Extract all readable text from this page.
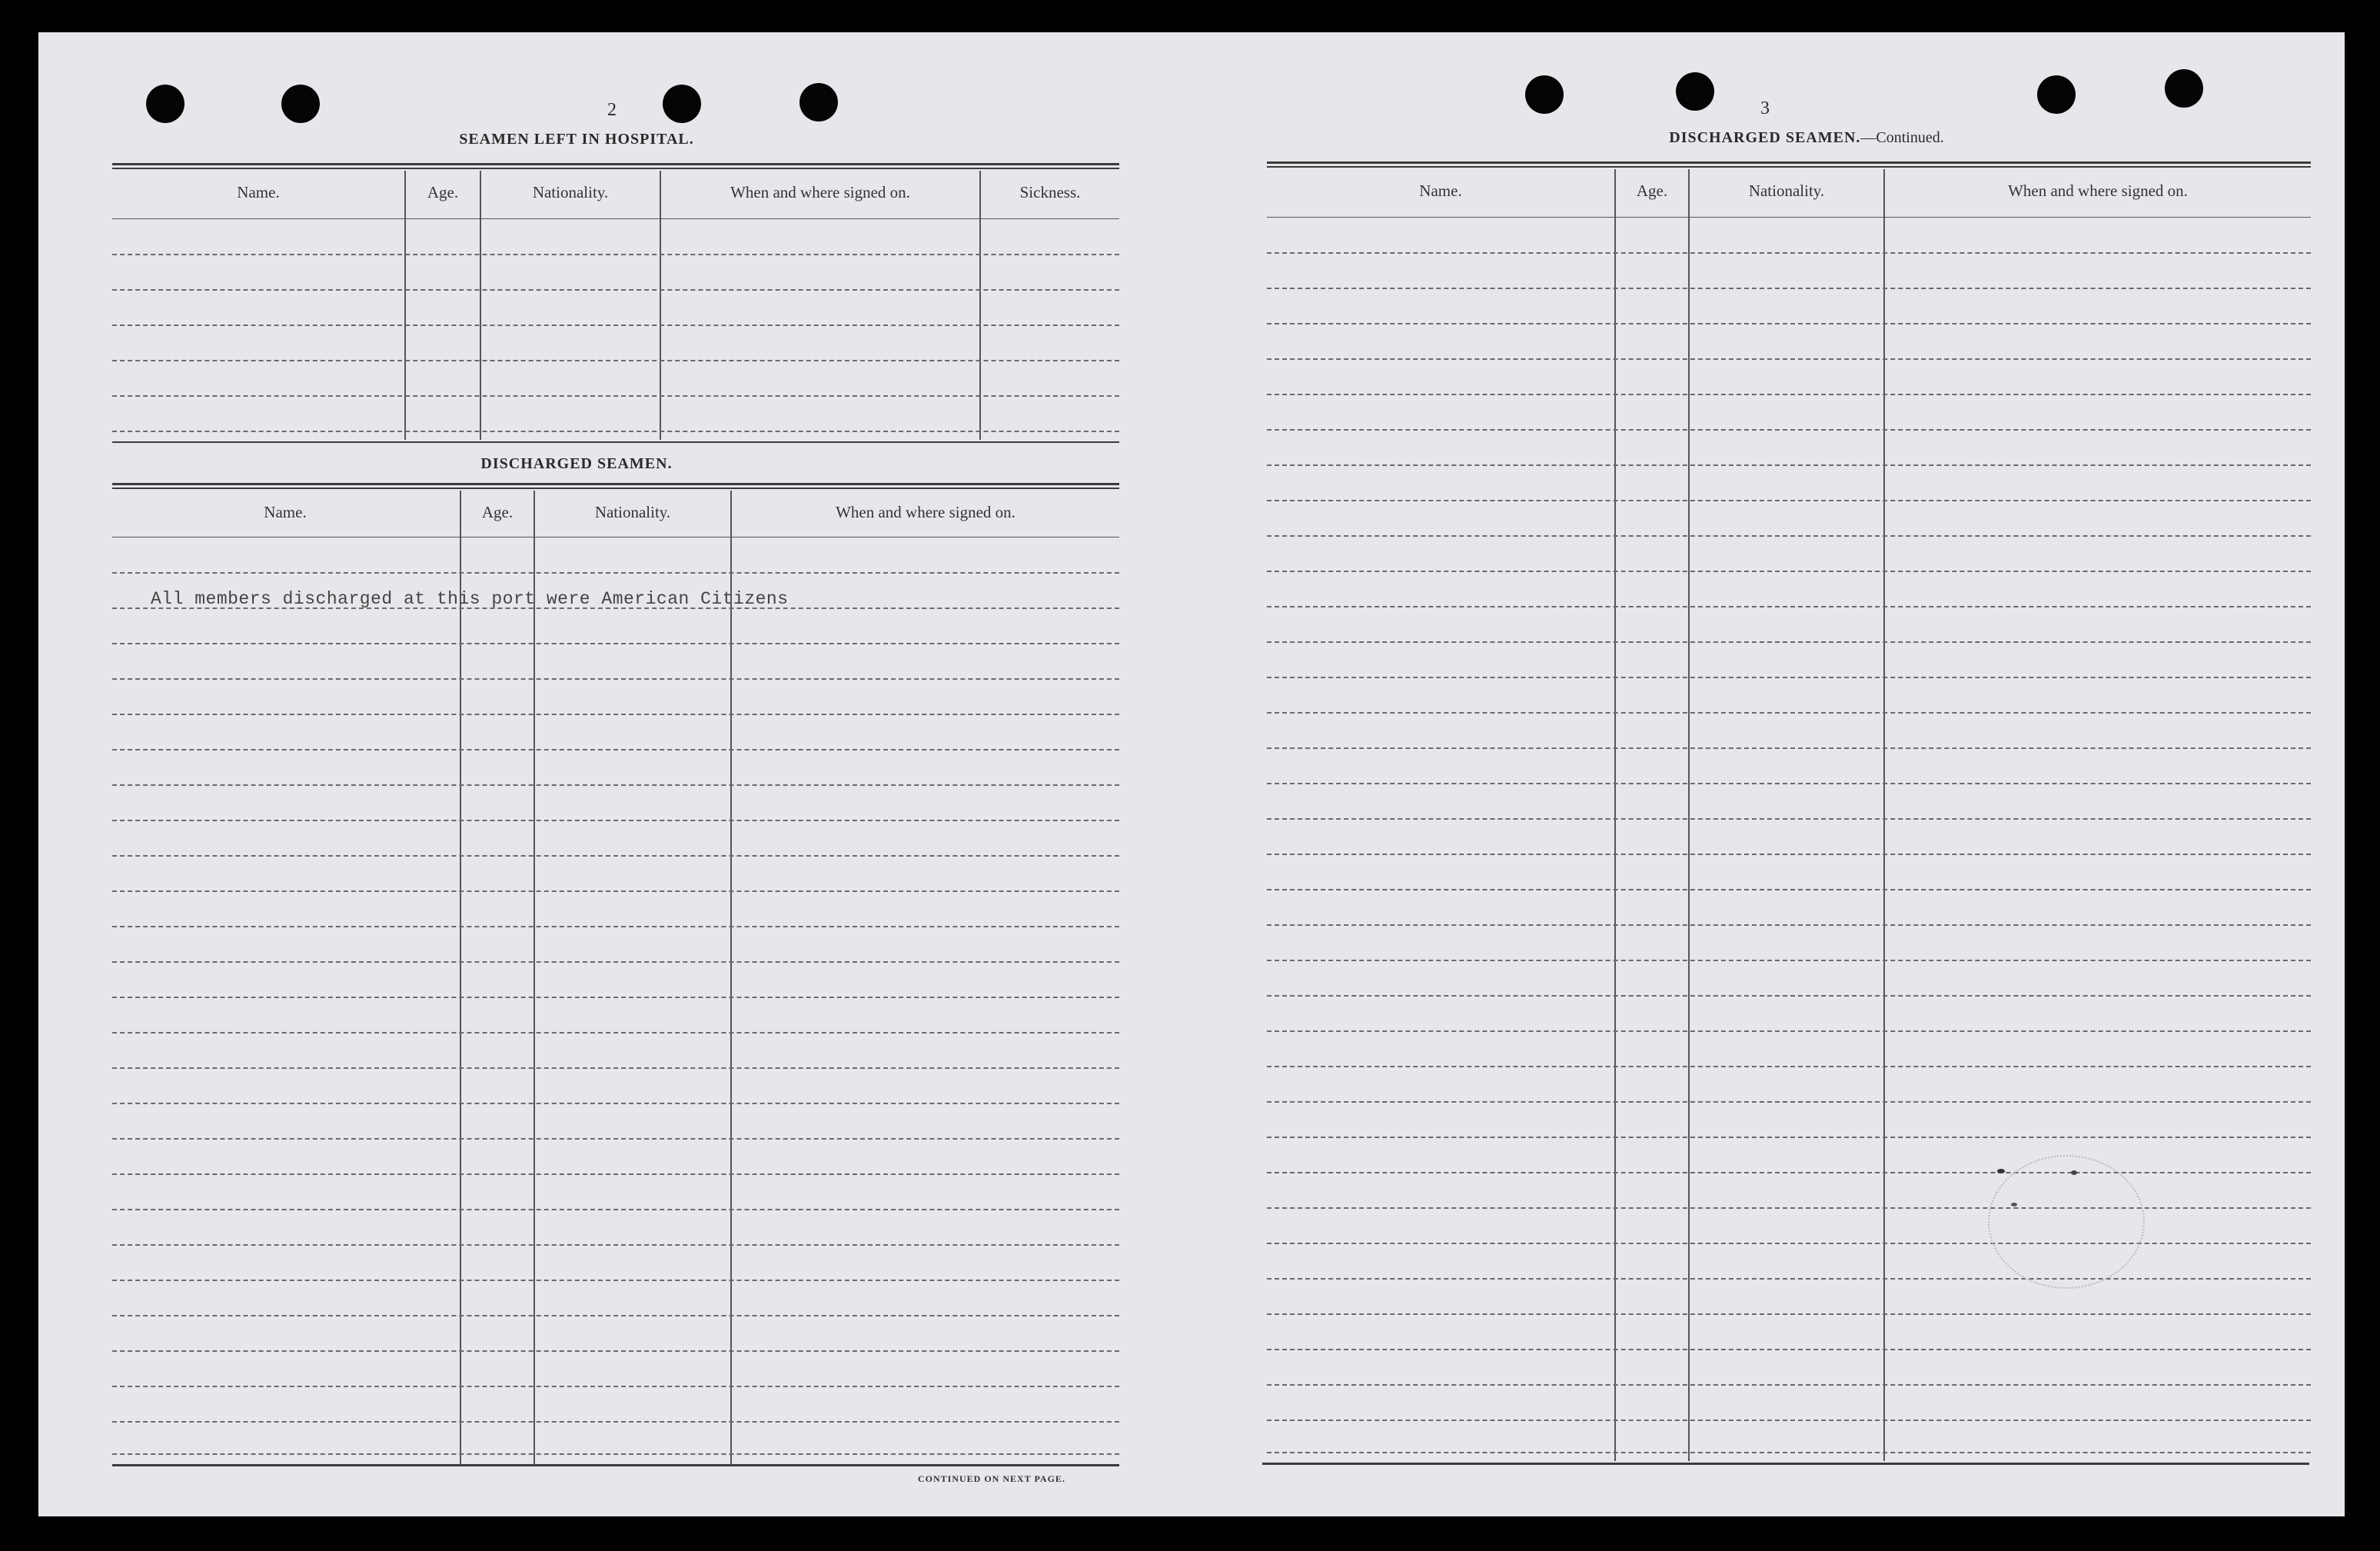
2
SEAMEN LEFT IN HOSPITAL.
Name.	Age.	Nationality.	When and where signed on.	Sickness.
DISCHARGED SEAMEN.
Name.	Age.	Nationality.	When and where signed on.
All members discharged at this port were American Citizens
CONTINUED ON NEXT PAGE.
3
DISCHARGED SEAMEN.—Continued.
Name.	Age.	Nationality.	When and where signed on.
